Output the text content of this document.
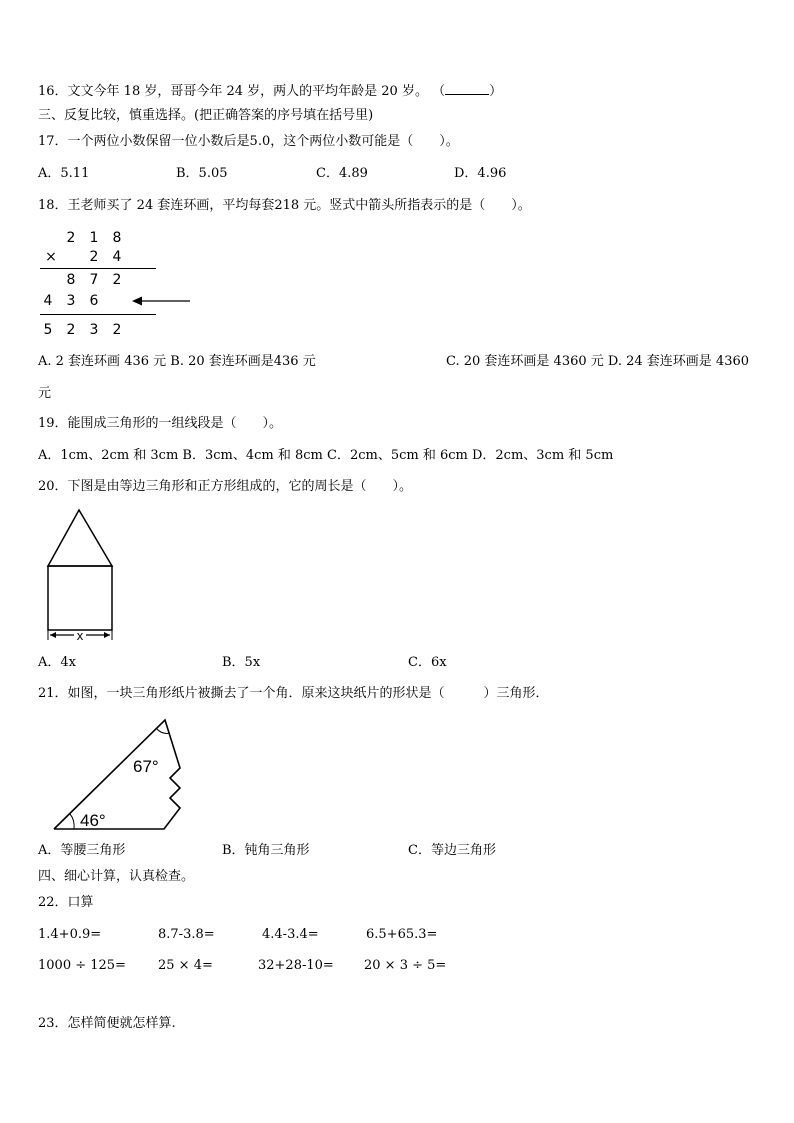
16．文文今年 18 岁，哥哥今年 24 岁，两人的平均年龄是 20 岁。 （	）
三、反复比较，慎重选择。(把正确答案的序号填在括号里)
17．一个两位小数保留一位小数后是5.0，这个两位小数可能是（　　）。
A．5.11	B．5.05	C．4.89	D．4.96
18．王老师买了 24 套连环画，平均每套218 元。竖式中箭头所指表示的是（　　）。
2 1 8
× 2 4
8 7 2
4 3 6
5 2 3 2
A. 2 套连环画 436 元 B. 20 套连环画是436 元	C. 20 套连环画是 4360 元 D. 24 套连环画是 4360
元
19．能围成三角形的一组线段是（　　）。
A．1cm、2cm 和 3cm B．3cm、4cm 和 8cm C．2cm、5cm 和 6cm D．2cm、3cm 和 5cm
20．下图是由等边三角形和正方形组成的，它的周长是（　　）。
x
A．4x	B．5x	C．6x
21．如图，一块三角形纸片被撕去了一个角．原来这块纸片的形状是（　　　）三角形．
67°
46°
A．等腰三角形	B．钝角三角形	C．等边三角形
四、细心计算，认真检查。
22．口算
1.4+0.9=	8.7-3.8=	4.4-3.4=	6.5+65.3=
1000 ÷ 125= 25 × 4=	32+28-10= 20 × 3 ÷ 5=
23．怎样简便就怎样算.
